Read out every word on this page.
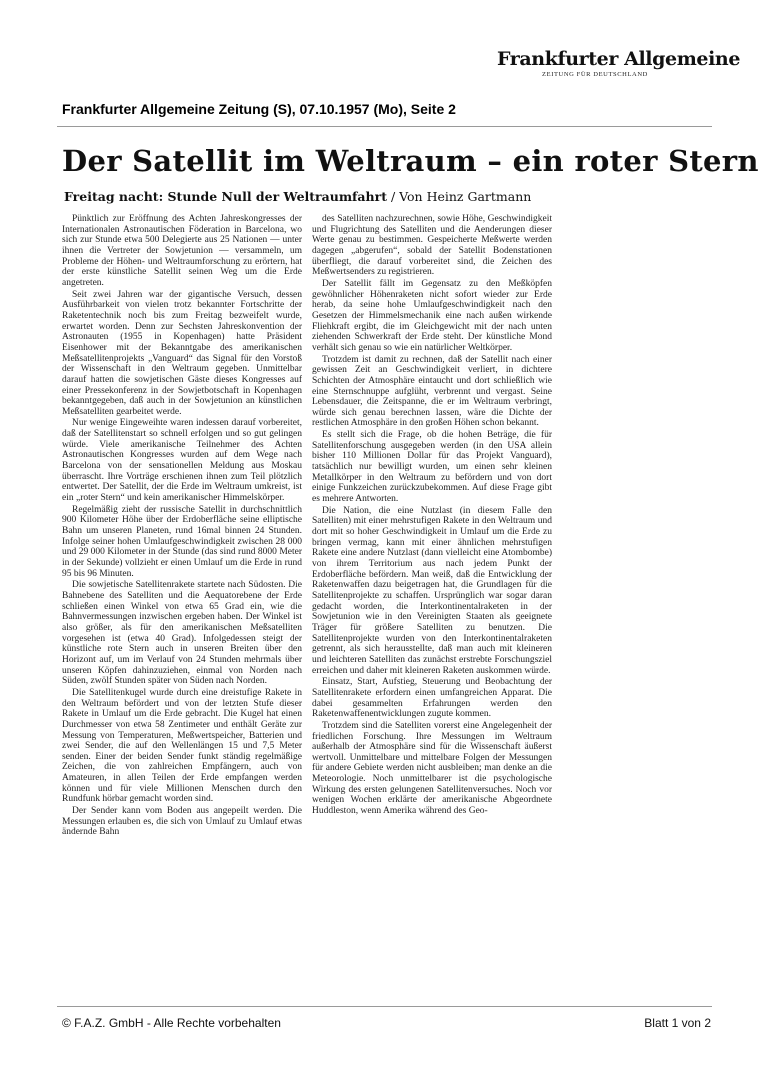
Frankfurter Allgemeine
ZEITUNG FÜR DEUTSCHLAND
Frankfurter Allgemeine Zeitung (S), 07.10.1957 (Mo), Seite 2
Der Satellit im Weltraum – ein roter Stern
Freitag nacht: Stunde Null der Weltraumfahrt / Von Heinz Gartmann

Pünktlich zur Eröffnung des Achten Jahreskongresses der Internationalen Astronautischen Föderation in Barcelona, wo sich zur Stunde etwa 500 Delegierte aus 25 Nationen — unter ihnen die Vertreter der Sowjetunion — versammeln, um Probleme der Höhen- und Weltraumforschung zu erörtern, hat der erste künstliche Satellit seinen Weg um die Erde angetreten.

Seit zwei Jahren war der gigantische Versuch, dessen Ausführbarkeit von vielen trotz bekannter Fortschritte der Raketentechnik noch bis zum Freitag bezweifelt wurde, erwartet worden. Denn zur Sechsten Jahreskonvention der Astronauten (1955 in Kopenhagen) hatte Präsident Eisenhower mit der Bekanntgabe des amerikanischen Meßsatellitenprojekts „Vanguard“ das Signal für den Vorstoß der Wissenschaft in den Weltraum gegeben. Unmittelbar darauf hatten die sowjetischen Gäste dieses Kongresses auf einer Pressekonferenz in der Sowjetbotschaft in Kopenhagen bekanntgegeben, daß auch in der Sowjetunion an künstlichen Meßsatelliten gearbeitet werde.

Nur wenige Eingeweihte waren indessen darauf vorbereitet, daß der Satellitenstart so schnell erfolgen und so gut gelingen würde. Viele amerikanische Teilnehmer des Achten Astronautischen Kongresses wurden auf dem Wege nach Barcelona von der sensationellen Meldung aus Moskau überrascht. Ihre Vorträge erschienen ihnen zum Teil plötzlich entwertet. Der Satellit, der die Erde im Weltraum umkreist, ist ein „roter Stern“ und kein amerikanischer Himmelskörper.

Regelmäßig zieht der russische Satellit in durchschnittlich 900 Kilometer Höhe über der Erdoberfläche seine elliptische Bahn um unseren Planeten, rund 16mal binnen 24 Stunden. Infolge seiner hohen Umlaufgeschwindigkeit zwischen 28 000 und 29 000 Kilometer in der Stunde (das sind rund 8000 Meter in der Sekunde) vollzieht er einen Umlauf um die Erde in rund 95 bis 96 Minuten.

Die sowjetische Satellitenrakete startete nach Südosten. Die Bahnebene des Satelliten und die Aequatorebene der Erde schließen einen Winkel von etwa 65 Grad ein, wie die Bahnvermessungen inzwischen ergeben haben. Der Winkel ist also größer, als für den amerikanischen Meßsatelliten vorgesehen ist (etwa 40 Grad). Infolgedessen steigt der künstliche rote Stern auch in unseren Breiten über den Horizont auf, um im Verlauf von 24 Stunden mehrmals über unseren Köpfen dahinzuziehen, einmal von Norden nach Süden, zwölf Stunden später von Süden nach Norden.

Die Satellitenkugel wurde durch eine dreistufige Rakete in den Weltraum befördert und von der letzten Stufe dieser Rakete in Umlauf um die Erde gebracht. Die Kugel hat einen Durchmesser von etwa 58 Zentimeter und enthält Geräte zur Messung von Temperaturen, Meßwertspeicher, Batterien und zwei Sender, die auf den Wellenlängen 15 und 7,5 Meter senden. Einer der beiden Sender funkt ständig regelmäßige Zeichen, die von zahlreichen Empfängern, auch von Amateuren, in allen Teilen der Erde empfangen werden können und für viele Millionen Menschen durch den Rundfunk hörbar gemacht worden sind.

Der Sender kann vom Boden aus angepeilt werden. Die Messungen erlauben es, die sich von Umlauf zu Umlauf etwas ändernde Bahn

des Satelliten nachzurechnen, sowie Höhe, Geschwindigkeit und Flugrichtung des Satelliten und die Aenderungen dieser Werte genau zu bestimmen. Gespeicherte Meßwerte werden dagegen „abgerufen“, sobald der Satellit Bodenstationen überfliegt, die darauf vorbereitet sind, die Zeichen des Meßwertsenders zu registrieren.

Der Satellit fällt im Gegensatz zu den Meßköpfen gewöhnlicher Höhenraketen nicht sofort wieder zur Erde herab, da seine hohe Umlaufgeschwindigkeit nach den Gesetzen der Himmelsmechanik eine nach außen wirkende Fliehkraft ergibt, die im Gleichgewicht mit der nach unten ziehenden Schwerkraft der Erde steht. Der künstliche Mond verhält sich genau so wie ein natürlicher Weltkörper.

Trotzdem ist damit zu rechnen, daß der Satellit nach einer gewissen Zeit an Geschwindigkeit verliert, in dichtere Schichten der Atmosphäre eintaucht und dort schließlich wie eine Sternschnuppe aufglüht, verbrennt und vergast. Seine Lebensdauer, die Zeitspanne, die er im Weltraum verbringt, würde sich genau berechnen lassen, wäre die Dichte der restlichen Atmosphäre in den großen Höhen schon bekannt.

Es stellt sich die Frage, ob die hohen Beträge, die für Satellitenforschung ausgegeben werden (in den USA allein bisher 110 Millionen Dollar für das Projekt Vanguard), tatsächlich nur bewilligt wurden, um einen sehr kleinen Metallkörper in den Weltraum zu befördern und von dort einige Funkzeichen zurückzubekommen. Auf diese Frage gibt es mehrere Antworten.

Die Nation, die eine Nutzlast (in diesem Falle den Satelliten) mit einer mehrstufigen Rakete in den Weltraum und dort mit so hoher Geschwindigkeit in Umlauf um die Erde zu bringen vermag, kann mit einer ähnlichen mehrstufigen Rakete eine andere Nutzlast (dann vielleicht eine Atombombe) von ihrem Territorium aus nach jedem Punkt der Erdoberfläche befördern. Man weiß, daß die Entwicklung der Raketenwaffen dazu beigetragen hat, die Grundlagen für die Satellitenprojekte zu schaffen. Ursprünglich war sogar daran gedacht worden, die Interkontinentalraketen in der Sowjetunion wie in den Vereinigten Staaten als geeignete Träger für größere Satelliten zu benutzen. Die Satellitenprojekte wurden von den Interkontinentalraketen getrennt, als sich herausstellte, daß man auch mit kleineren und leichteren Satelliten das zunächst erstrebte Forschungsziel erreichen und daher mit kleineren Raketen auskommen würde.

Einsatz, Start, Aufstieg, Steuerung und Beobachtung der Satellitenrakete erfordern einen umfangreichen Apparat. Die dabei gesammelten Erfahrungen werden den Raketenwaffenentwicklungen zugute kommen.

Trotzdem sind die Satelliten vorerst eine Angelegenheit der friedlichen Forschung. Ihre Messungen im Weltraum außerhalb der Atmosphäre sind für die Wissenschaft äußerst wertvoll. Unmittelbare und mittelbare Folgen der Messungen für andere Gebiete werden nicht ausbleiben; man denke an die Meteorologie. Noch unmittelbarer ist die psychologische Wirkung des ersten gelungenen Satellitenversuches. Noch vor wenigen Wochen erklärte der amerikanische Abgeordnete Huddleston, wenn Amerika während des Geo-

© F.A.Z. GmbH - Alle Rechte vorbehalten	Blatt 1 von 2
